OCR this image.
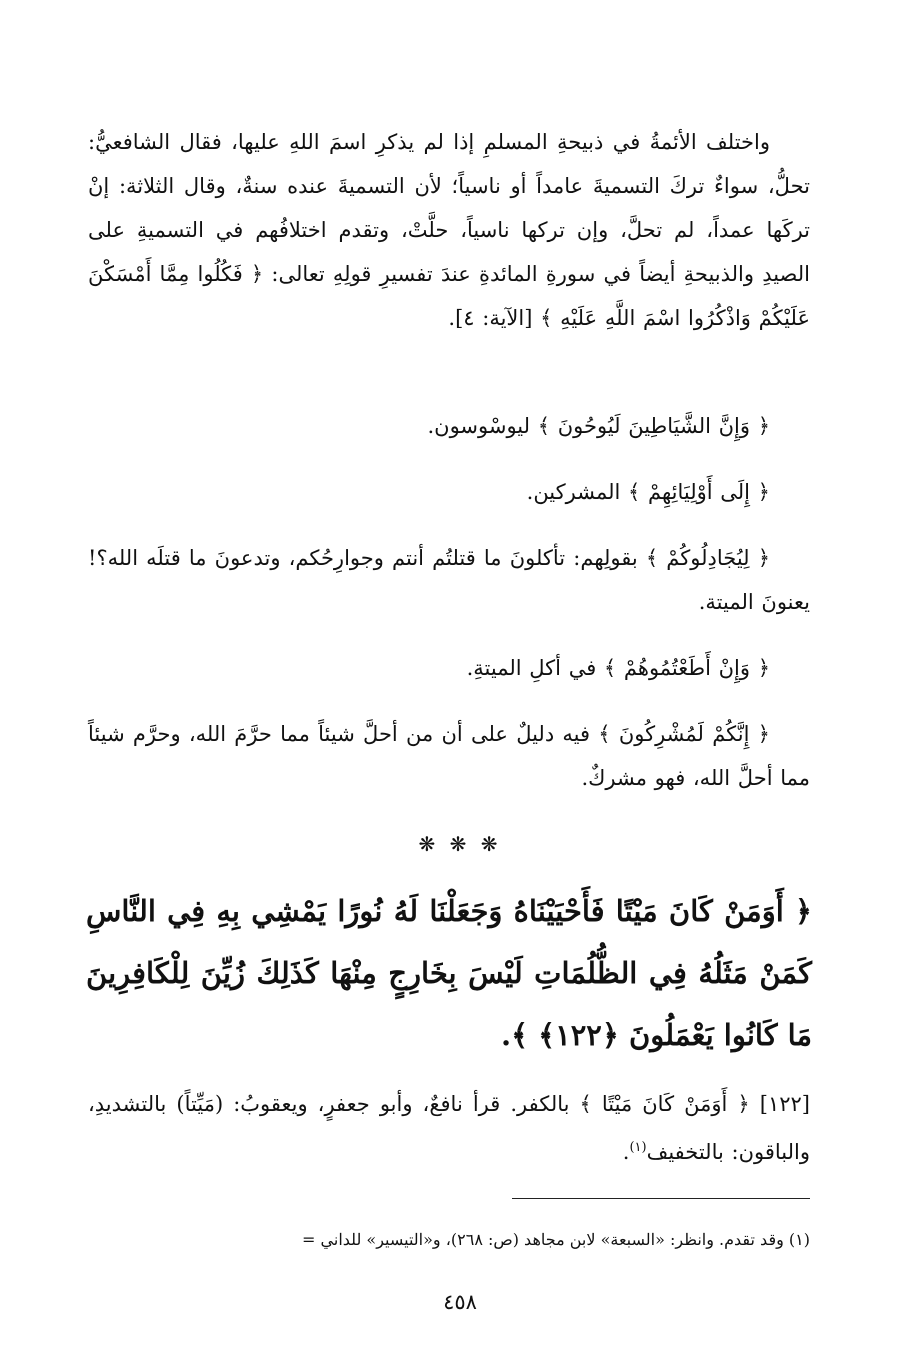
واختلف الأئمةُ في ذبيحةِ المسلمِ إذا لم يذكرِ اسمَ اللهِ عليها، فقال الشافعيُّ: تحلُّ، سواءٌ تركَ التسميةَ عامداً أو ناسياً؛ لأن التسميةَ عنده سنةٌ، وقال الثلاثة: إنْ تركَها عمداً، لم تحلَّ، وإن تركها ناسياً، حلَّتْ، وتقدم اختلافُهم في التسميةِ على الصيدِ والذبيحةِ أيضاً في سورةِ المائدةِ عندَ تفسيرِ قولِهِ تعالى: ﴿ فَكُلُوا مِمَّا أَمْسَكْنَ عَلَيْكُمْ وَاذْكُرُوا اسْمَ اللَّهِ عَلَيْهِ ﴾ [الآية: ٤].

﴿ وَإِنَّ الشَّيَاطِينَ لَيُوحُونَ ﴾ ليوسْوسون.

﴿ إِلَى أَوْلِيَائِهِمْ ﴾ المشركين.

﴿ لِيُجَادِلُوكُمْ ﴾ بقولِهم: تأكلونَ ما قتلتُم أنتم وجوارِحُكم، وتدعونَ ما قتلَه الله؟! يعنونَ الميتة.

﴿ وَإِنْ أَطَعْتُمُوهُمْ ﴾ في أكلِ الميتةِ.

﴿ إِنَّكُمْ لَمُشْرِكُونَ ﴾ فيه دليلٌ على أن من أحلَّ شيئاً مما حرَّمَ الله، وحرَّم شيئاً مما أحلَّ الله، فهو مشركٌ.

❋ ❋ ❋
﴿ أَوَمَنْ كَانَ مَيْتًا فَأَحْيَيْنَاهُ وَجَعَلْنَا لَهُ نُورًا يَمْشِي بِهِ فِي النَّاسِ كَمَنْ مَثَلُهُ فِي الظُّلُمَاتِ لَيْسَ بِخَارِجٍ مِنْهَا كَذَلِكَ زُيِّنَ لِلْكَافِرِينَ مَا كَانُوا يَعْمَلُونَ ﴿١٢٢﴾ ﴾.

[١٢٢] ﴿ أَوَمَنْ كَانَ مَيْتًا ﴾ بالكفر. قرأ نافعٌ، وأبو جعفرٍ، ويعقوبُ: (مَيِّتاً) بالتشديدِ، والباقون: بالتخفيف$^{(١)}$.

(١) وقد تقدم. وانظر: «السبعة» لابن مجاهد (ص: ٢٦٨)، و«التيسير» للداني =
٤٥٨
